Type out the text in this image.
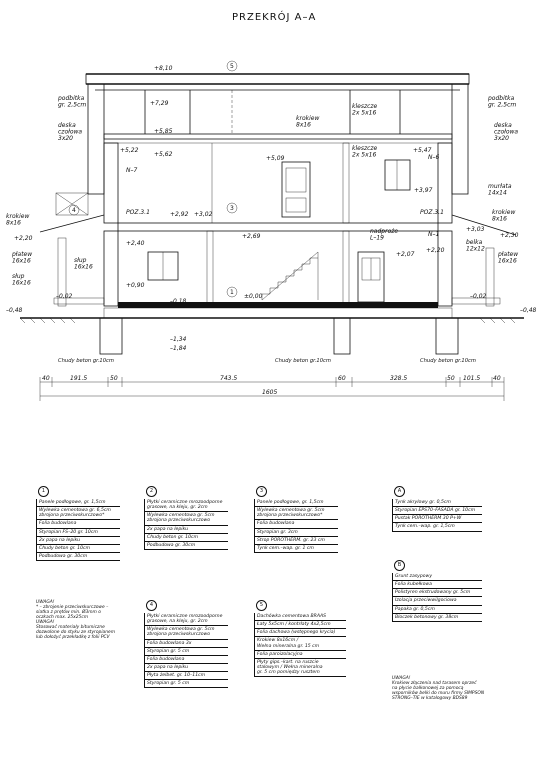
PRZEKRÓJ A–A
5
3
1
4
+8,10
+7,29
+5,85
+5,22
+5,62
+5,09
+5,47
+3,97
+2,92 +3,02
+2,69
+2,40
+2,20	+2,30
+2,07
+2,20
+3,03
+0,90
±0,00
–0,18
–0,02	–0,02
–0,48	–0,48
–1,34
–1,84
podbitka gr. 2,5cm
deska czołowa 3x20
podbitka gr. 2,5cm
deska czołowa 3x20
krokiew 8x16
kleszcze 2x 5x16
kleszcze 2x 5x16
N–7
N–6
murłata 14x14
POZ.3.1	POZ.3.1
krokiew 8x16
płatew 16x16	słup 16x16
słup 16x16
nadproże L–19	N–1
krokiew 8x16
belka 12x12
płatew 16x16
Chudy beton gr.10cm	Chudy beton gr.10cm	Chudy beton gr.10cm
40	191.5	50	743.5	60	328.5	50 101.5 40
1605
1
Panele podłogowe, gr. 1,5cm
Wylewka cementowa gr. 6,5cm
zbrojona przeciwskurczowo*
Folia budowlana
Styropian FS–20 gr. 10cm
2x papa na lepiku
Chudy beton gr. 10cm
Podbudowa gr. 30cm
2
Płytki ceramiczne mrozoodporne
grasowe, na kleju, gr. 2cm
Wylewka cementowa gr. 5cm
zbrojona przeciwskurczowo
2x papa na lepiku
Chudy beton gr. 10cm
Podbudowa gr. 30cm
3
Panele podłogowe, gr. 1,5cm
Wylewka cementowa gr. 5cm
zbrojona przeciwskurczowo*
Folia budowlana
Styropian gr. 3cm
Strop POROTHERM. gr. 23 cm
Tynk cem.–wap. gr. 1 cm
A
Tynk akrylowy gr. 0,5cm
Styropian EPS70–FASADA gr. 10cm
Pustak POROTHERM 30 P+W
Tynk cem.–wap. gr. 1,5cm
B
Grunt zasypowy
Folia kubełkowa
Polistyren ekstrudowany gr. 5cm
Izolacja przeciwwilgociowa
Papaka gr. 0,5cm
Bloczek betonowy gr. 38cm
4
Płytki ceramiczne mrozoodporne
grasowe, na kleju, gr. 2cm
Wylewka cementowa gr. 5cm
zbrojona przeciwskurczowo
Folia budowlana 3x
Styropian gr. 5 cm
Folia budowlana
2x papa na lepiku
Płyta żelbet. gr. 10–11cm
Styropian gr. 5 cm
5
Dachówka cementowa BRAAS
Łaty 5x5cm / kontrłaty 4x2,5cm
Folia dachowa (wstępnego krycia)
Krokiew 8x16cm /
Wełna mineralna gr. 15 cm
Folia paroizolacyjna
Płyty gips.–kart. na ruszcie
stalowym / Wełna mineralna
gr. 5 cm pomiędzy rusztem
UWAGA!
* – zbrojenie przeciwskurczowe –
siatka z prętów min. Ø3mm o
oczkach max. 25x25cm
UWAGA!
Stosować materiały bitumiczne
dozwolone do styku ze styropianem
lub dołożyć przekładkę z folii PCV
UWAGA!
Krokiew złączenia nad tarasem oprzeć
na płycie balkonowej za pomocą
wsporników belki do muru firmy SIMPSON
STRONG–TIE w katalogowy BDS89
